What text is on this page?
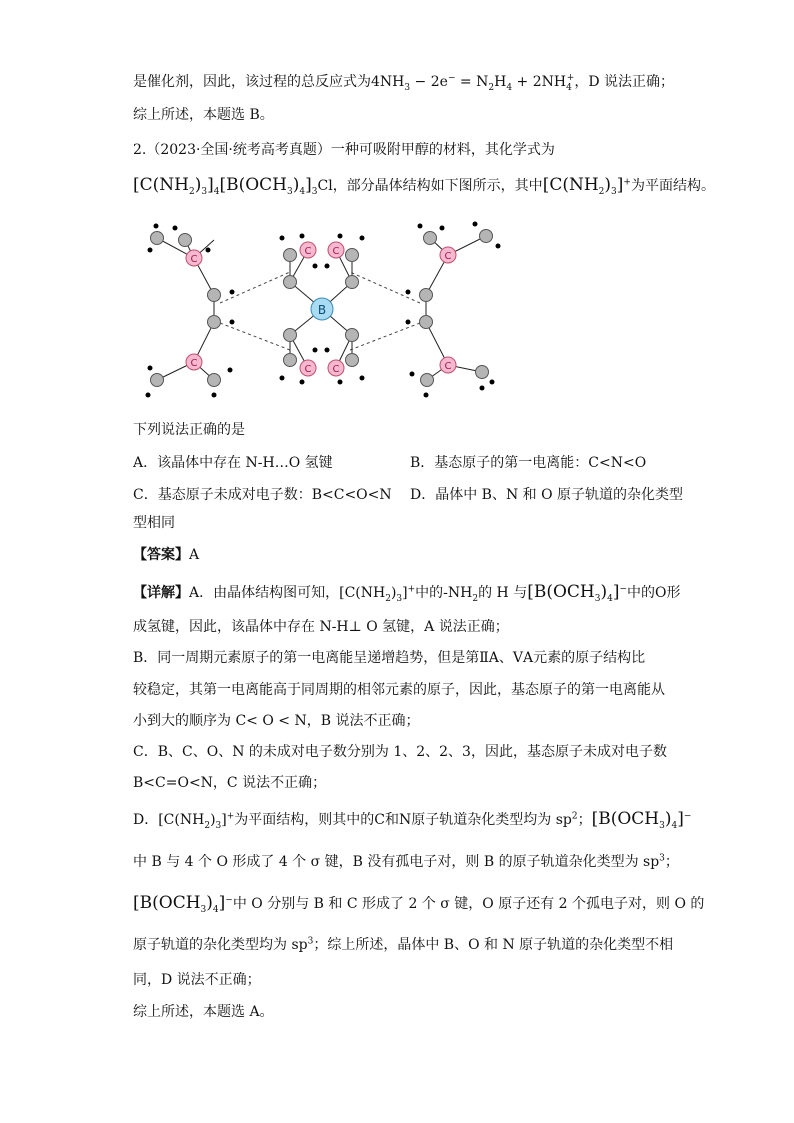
是催化剂，因此，该过程的总反应式为$4NH_3 - 2e^- = N_2H_4 + 2NH_4^+$，D 说法正确；
综上所述，本题选 B。
2.（2023·全国·统考高考真题）一种可吸附甲醇的材料，其化学式为
$[C(NH_2)_3]_4[B(OCH_3)_4]_3Cl$，部分晶体结构如下图所示，其中$[C(NH_2)_3]^+$为平面结构。
C
C
C C
C C
C
C
B
下列说法正确的是
A．该晶体中存在 N-H…O 氢键	B．基态原子的第一电离能：C<N<O
C．基态原子未成对电子数：B<C<O<N D．晶体中 B、N 和 O 原子轨道的杂化类型
型相同
【答案】A
【详解】A．由晶体结构图可知，$[C(NH_2)_3]^+$中的$-NH_2$的 H 与$[B(OCH_3)_4]^-$中的O形
成氢键，因此，该晶体中存在 N-H⊥ O 氢键，A 说法正确；
B．同一周期元素原子的第一电离能呈递增趋势，但是第ⅡA、ⅤA元素的原子结构比
较稳定，其第一电离能高于同周期的相邻元素的原子，因此，基态原子的第一电离能从
小到大的顺序为 C< O < N，B 说法不正确；
C．B、C、O、N 的未成对电子数分别为 1、2、2、3，因此，基态原子未成对电子数
B<C=O<N，C 说法不正确；
D．$[C(NH_2)_3]^+$为平面结构，则其中的C和N原子轨道杂化类型均为 $sp^2$；$[B(OCH_3)_4]^-$
中 B 与 4 个 O 形成了 4 个 σ 键，B 没有孤电子对，则 B 的原子轨道杂化类型为 $sp^3$；
$[B(OCH_3)_4]^-$中 O 分别与 B 和 C 形成了 2 个 σ 键，O 原子还有 2 个孤电子对，则 O 的
原子轨道的杂化类型均为 $sp^3$；综上所述，晶体中 B、O 和 N 原子轨道的杂化类型不相
同，D 说法不正确；
综上所述，本题选 A。
